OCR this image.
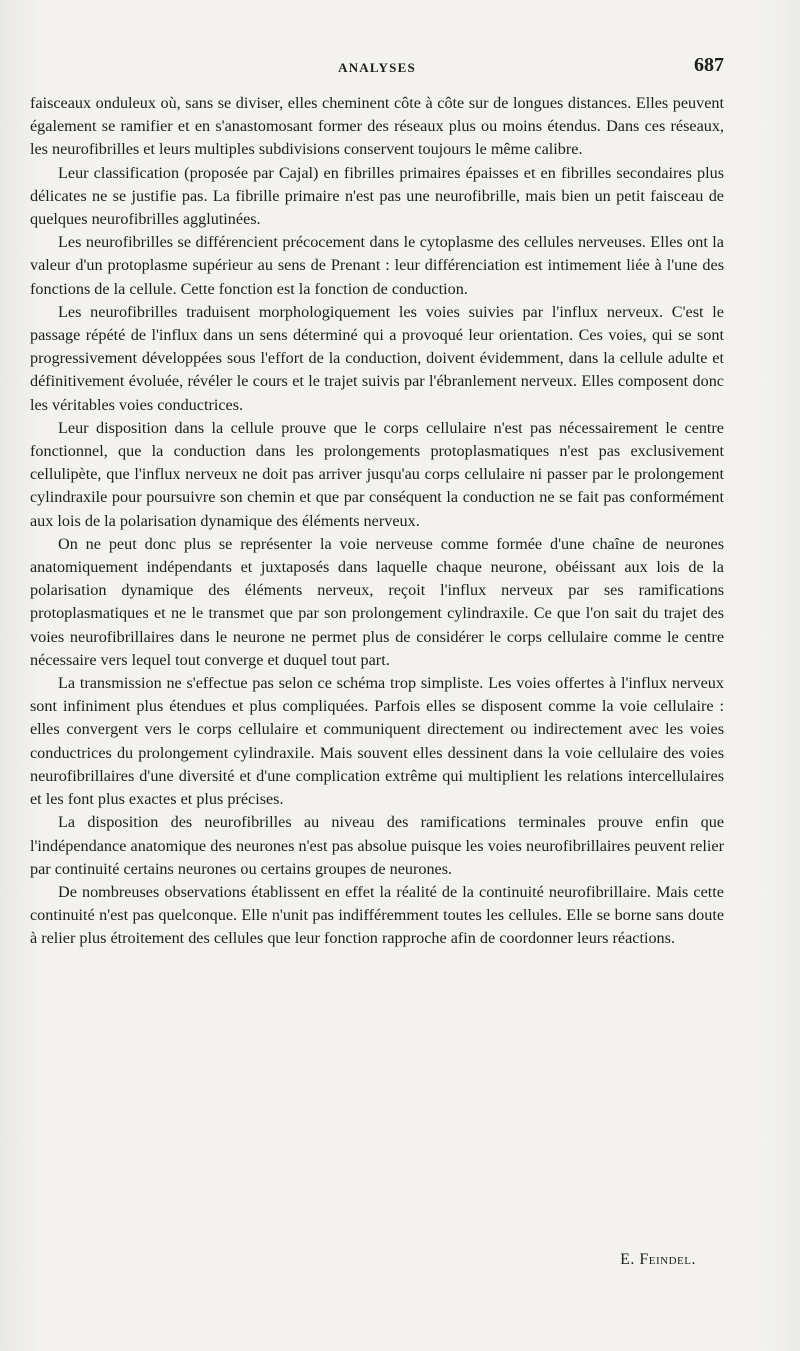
ANALYSES	687

faisceaux onduleux où, sans se diviser, elles cheminent côte à côte sur de longues distances. Elles peuvent également se ramifier et en s'anastomosant former des réseaux plus ou moins étendus. Dans ces réseaux, les neurofibrilles et leurs multiples subdivisions conservent toujours le même calibre.

Leur classification (proposée par Cajal) en fibrilles primaires épaisses et en fibrilles secondaires plus délicates ne se justifie pas. La fibrille primaire n'est pas une neurofibrille, mais bien un petit faisceau de quelques neurofibrilles agglutinées.

Les neurofibrilles se différencient précocement dans le cytoplasme des cellules nerveuses. Elles ont la valeur d'un protoplasme supérieur au sens de Prenant : leur différenciation est intimement liée à l'une des fonctions de la cellule. Cette fonction est la fonction de conduction.

Les neurofibrilles traduisent morphologiquement les voies suivies par l'influx nerveux. C'est le passage répété de l'influx dans un sens déterminé qui a provoqué leur orientation. Ces voies, qui se sont progressivement développées sous l'effort de la conduction, doivent évidemment, dans la cellule adulte et définitivement évoluée, révéler le cours et le trajet suivis par l'ébranlement nerveux. Elles composent donc les véritables voies conductrices.

Leur disposition dans la cellule prouve que le corps cellulaire n'est pas nécessairement le centre fonctionnel, que la conduction dans les prolongements protoplasmatiques n'est pas exclusivement cellulipète, que l'influx nerveux ne doit pas arriver jusqu'au corps cellulaire ni passer par le prolongement cylindraxile pour poursuivre son chemin et que par conséquent la conduction ne se fait pas conformément aux lois de la polarisation dynamique des éléments nerveux.

On ne peut donc plus se représenter la voie nerveuse comme formée d'une chaîne de neurones anatomiquement indépendants et juxtaposés dans laquelle chaque neurone, obéissant aux lois de la polarisation dynamique des éléments nerveux, reçoit l'influx nerveux par ses ramifications protoplasmatiques et ne le transmet que par son prolongement cylindraxile. Ce que l'on sait du trajet des voies neurofibrillaires dans le neurone ne permet plus de considérer le corps cellulaire comme le centre nécessaire vers lequel tout converge et duquel tout part.

La transmission ne s'effectue pas selon ce schéma trop simpliste. Les voies offertes à l'influx nerveux sont infiniment plus étendues et plus compliquées. Parfois elles se disposent comme la voie cellulaire : elles convergent vers le corps cellulaire et communiquent directement ou indirectement avec les voies conductrices du prolongement cylindraxile. Mais souvent elles dessinent dans la voie cellulaire des voies neurofibrillaires d'une diversité et d'une complication extrême qui multiplient les relations intercellulaires et les font plus exactes et plus précises.

La disposition des neurofibrilles au niveau des ramifications terminales prouve enfin que l'indépendance anatomique des neurones n'est pas absolue puisque les voies neurofibrillaires peuvent relier par continuité certains neurones ou certains groupes de neurones.

De nombreuses observations établissent en effet la réalité de la continuité neurofibrillaire. Mais cette continuité n'est pas quelconque. Elle n'unit pas indifféremment toutes les cellules. Elle se borne sans doute à relier plus étroitement des cellules que leur fonction rapproche afin de coordonner leurs réactions.

E. Feindel.
